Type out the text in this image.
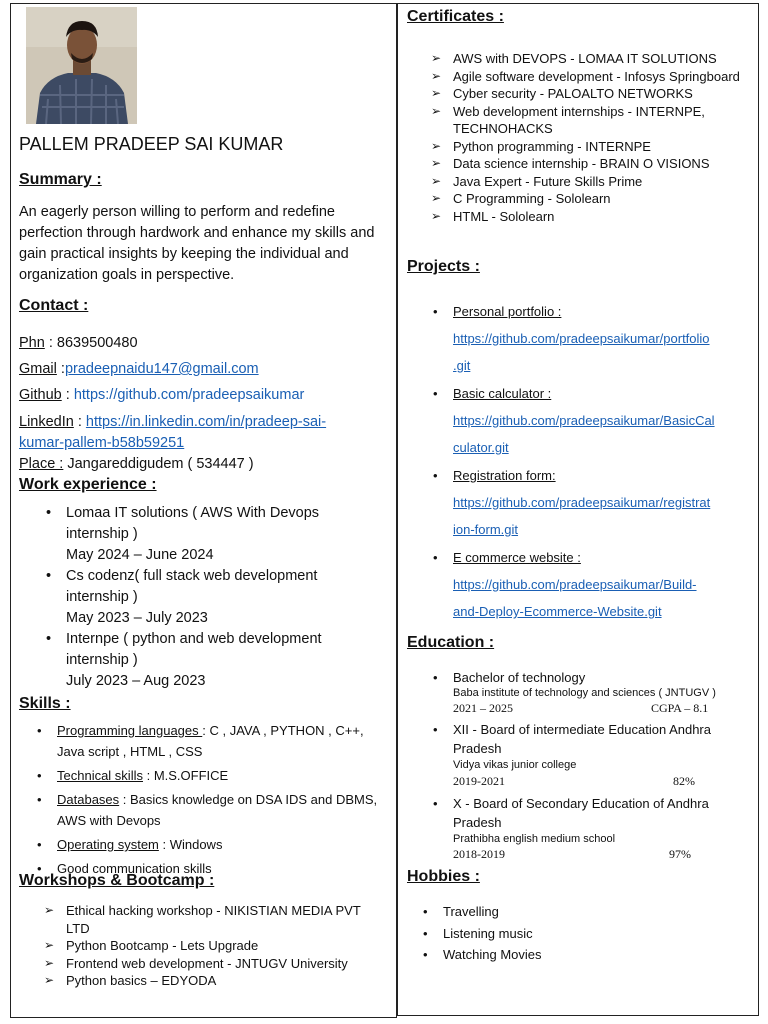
PALLEM PRADEEP SAI KUMAR
Summary :
An eagerly person willing to perform and redefine perfection through hardwork and enhance my skills and gain practical insights by keeping the individual and organization goals in perspective.
Contact :
Phn : 8639500480
Gmail :pradeepnaidu147@gmail.com
Github : https://github.com/pradeepsaikumar
LinkedIn : https://in.linkedin.com/in/pradeep-sai-
kumar-pallem-b58b59251
Place : Jangareddigudem ( 534447 )
Work experience :
• Lomaa IT solutions ( AWS With Devops internship )
May 2024 – June 2024
• Cs codenz( full stack web development internship )
May 2023 – July 2023
• Internpe ( python and web development internship )
July 2023 – Aug 2023
Skills :
• Programming languages : C , JAVA , PYTHON , C++, Java script , HTML , CSS
• Technical skills : M.S.OFFICE
• Databases : Basics knowledge on DSA IDS and DBMS, AWS with Devops
• Operating system : Windows
• Good communication skills
Workshops & Bootcamp :
➢ Ethical hacking workshop - NIKISTIAN MEDIA PVT LTD
➢ Python Bootcamp - Lets Upgrade
➢ Frontend web development - JNTUGV University
➢ Python basics – EDYODA
Certificates :
➢ AWS with DEVOPS - LOMAA IT SOLUTIONS
➢ Agile software development - Infosys Springboard
➢ Cyber security - PALOALTO NETWORKS
➢ Web development internships - INTERNPE, TECHNOHACKS
➢ Python programming - INTERNPE
➢ Data science internship - BRAIN O VISIONS
➢ Java Expert - Future Skills Prime
➢ C Programming - Sololearn
➢ HTML - Sololearn
Projects :
• Personal portfolio :
https://github.com/pradeepsaikumar/portfolio
.git
• Basic calculator :
https://github.com/pradeepsaikumar/BasicCal
culator.git
• Registration form:
https://github.com/pradeepsaikumar/registrat
ion-form.git
• E commerce website :
https://github.com/pradeepsaikumar/Build-
and-Deploy-Ecommerce-Website.git
Education :
• Bachelor of technology
Baba institute of technology and sciences ( JNTUGV )
2021 – 2025	CGPA – 8.1
• XII - Board of intermediate Education Andhra Pradesh
Vidya vikas junior college
2019-2021	82%
• X - Board of Secondary Education of Andhra Pradesh
Prathibha english medium school
2018-2019	97%
Hobbies :
• Travelling
• Listening music
• Watching Movies
